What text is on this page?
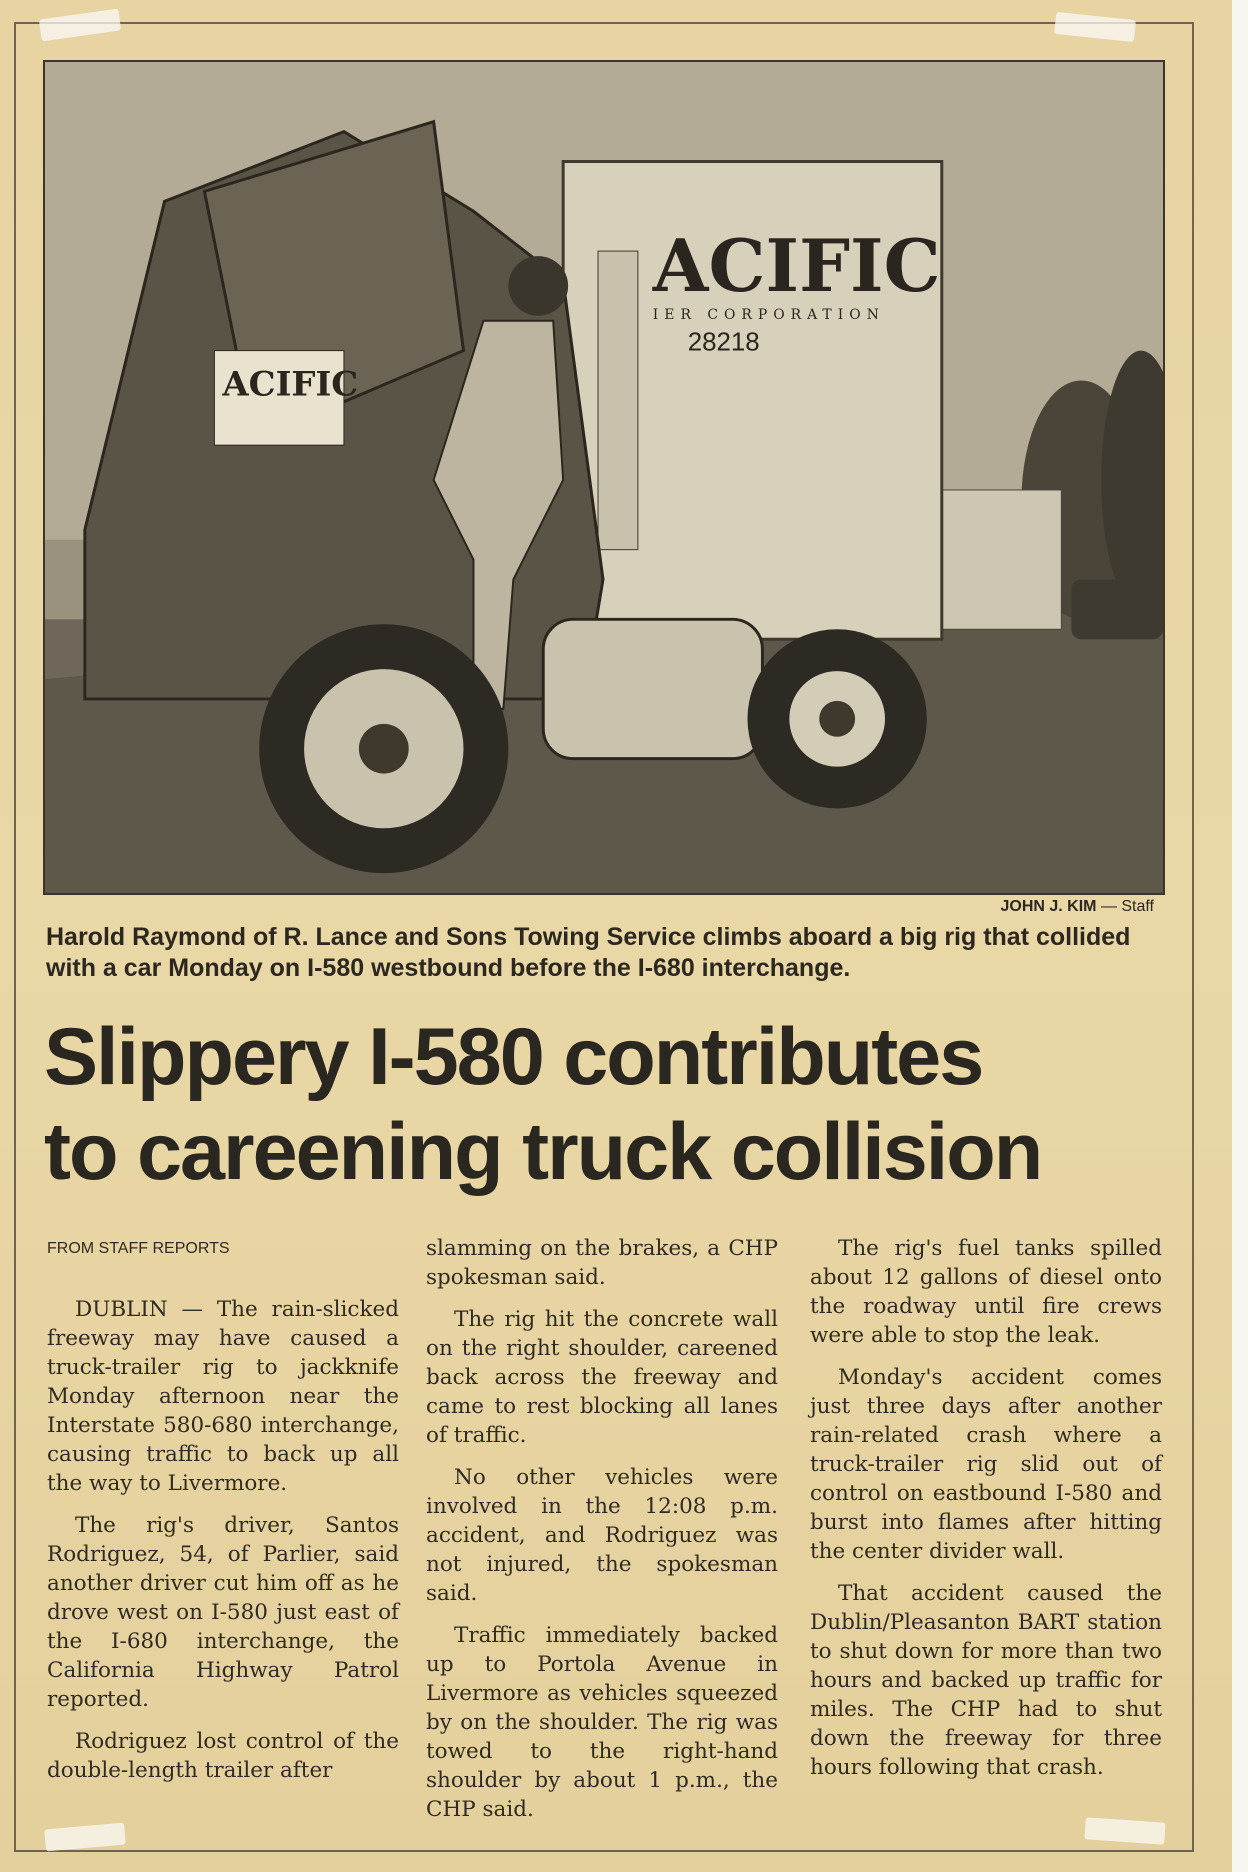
ACIFIC
IER CORPORATION
28218
ACIFIC
JOHN J. KIM — Staff
Harold Raymond of R. Lance and Sons Towing Service climbs aboard a big rig that collided with a car Monday on I-580 westbound before the I-680 interchange.
Slippery I-580 contributes
to careening truck collision
FROM STAFF REPORTS

DUBLIN — The rain-slicked freeway may have caused a truck-trailer rig to jackknife Monday afternoon near the Interstate 580-680 interchange, causing traffic to back up all the way to Livermore.

The rig's driver, Santos Rodriguez, 54, of Parlier, said another driver cut him off as he drove west on I-580 just east of the I-680 interchange, the California Highway Patrol reported.

Rodriguez lost control of the double-length trailer after

slamming on the brakes, a CHP spokesman said.

The rig hit the concrete wall on the right shoulder, careened back across the freeway and came to rest blocking all lanes of traffic.

No other vehicles were involved in the 12:08 p.m. accident, and Rodriguez was not injured, the spokesman said.

Traffic immediately backed up to Portola Avenue in Livermore as vehicles squeezed by on the shoulder. The rig was towed to the right-hand shoulder by about 1 p.m., the CHP said.

The rig's fuel tanks spilled about 12 gallons of diesel onto the roadway until fire crews were able to stop the leak.

Monday's accident comes just three days after another rain-related crash where a truck-trailer rig slid out of control on eastbound I-580 and burst into flames after hitting the center divider wall.

That accident caused the Dublin/Pleasanton BART station to shut down for more than two hours and backed up traffic for miles. The CHP had to shut down the freeway for three hours following that crash.
